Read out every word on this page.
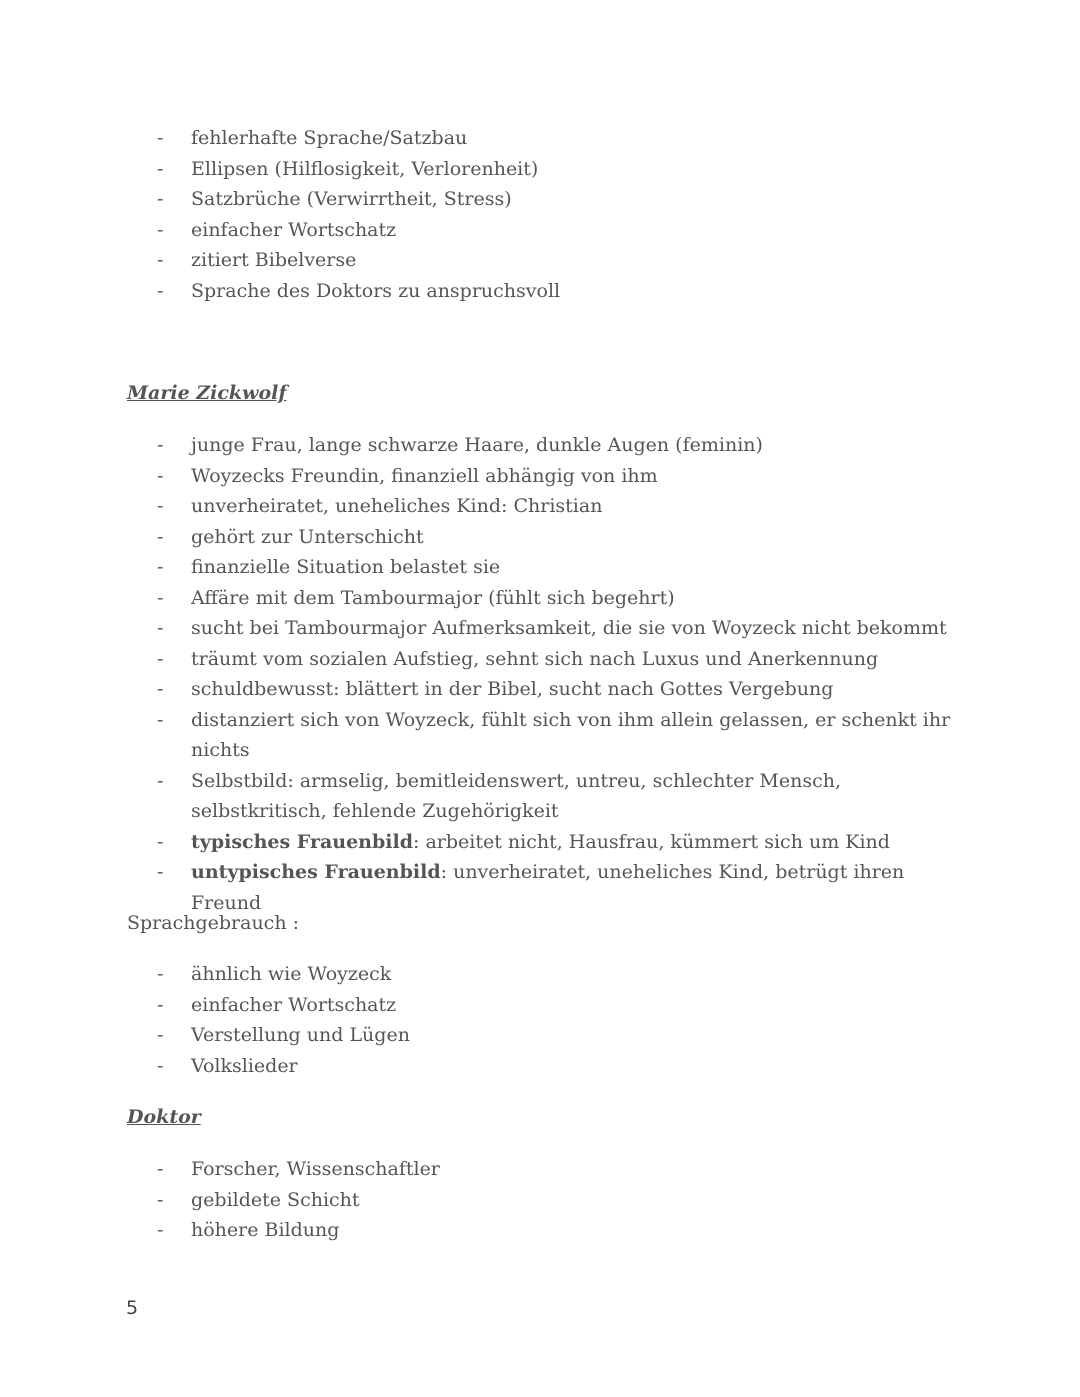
- fehlerhafte Sprache/Satzbau
- Ellipsen (Hilflosigkeit, Verlorenheit)
- Satzbrüche (Verwirrtheit, Stress)
- einfacher Wortschatz
- zitiert Bibelverse
- Sprache des Doktors zu anspruchsvoll
Marie Zickwolf
- junge Frau, lange schwarze Haare, dunkle Augen (feminin)
- Woyzecks Freundin, finanziell abhängig von ihm
- unverheiratet, uneheliches Kind: Christian
- gehört zur Unterschicht
- finanzielle Situation belastet sie
- Affäre mit dem Tambourmajor (fühlt sich begehrt)
- sucht bei Tambourmajor Aufmerksamkeit, die sie von Woyzeck nicht bekommt
- träumt vom sozialen Aufstieg, sehnt sich nach Luxus und Anerkennung
- schuldbewusst: blättert in der Bibel, sucht nach Gottes Vergebung
- distanziert sich von Woyzeck, fühlt sich von ihm allein gelassen, er schenkt ihr nichts
- Selbstbild: armselig, bemitleidenswert, untreu, schlechter Mensch, selbstkritisch, fehlende Zugehörigkeit
- typisches Frauenbild: arbeitet nicht, Hausfrau, kümmert sich um Kind
- untypisches Frauenbild: unverheiratet, uneheliches Kind, betrügt ihren Freund

Sprachgebrauch :

- ähnlich wie Woyzeck
- einfacher Wortschatz
- Verstellung und Lügen
- Volkslieder
Doktor
- Forscher, Wissenschaftler
- gebildete Schicht
- höhere Bildung
5
